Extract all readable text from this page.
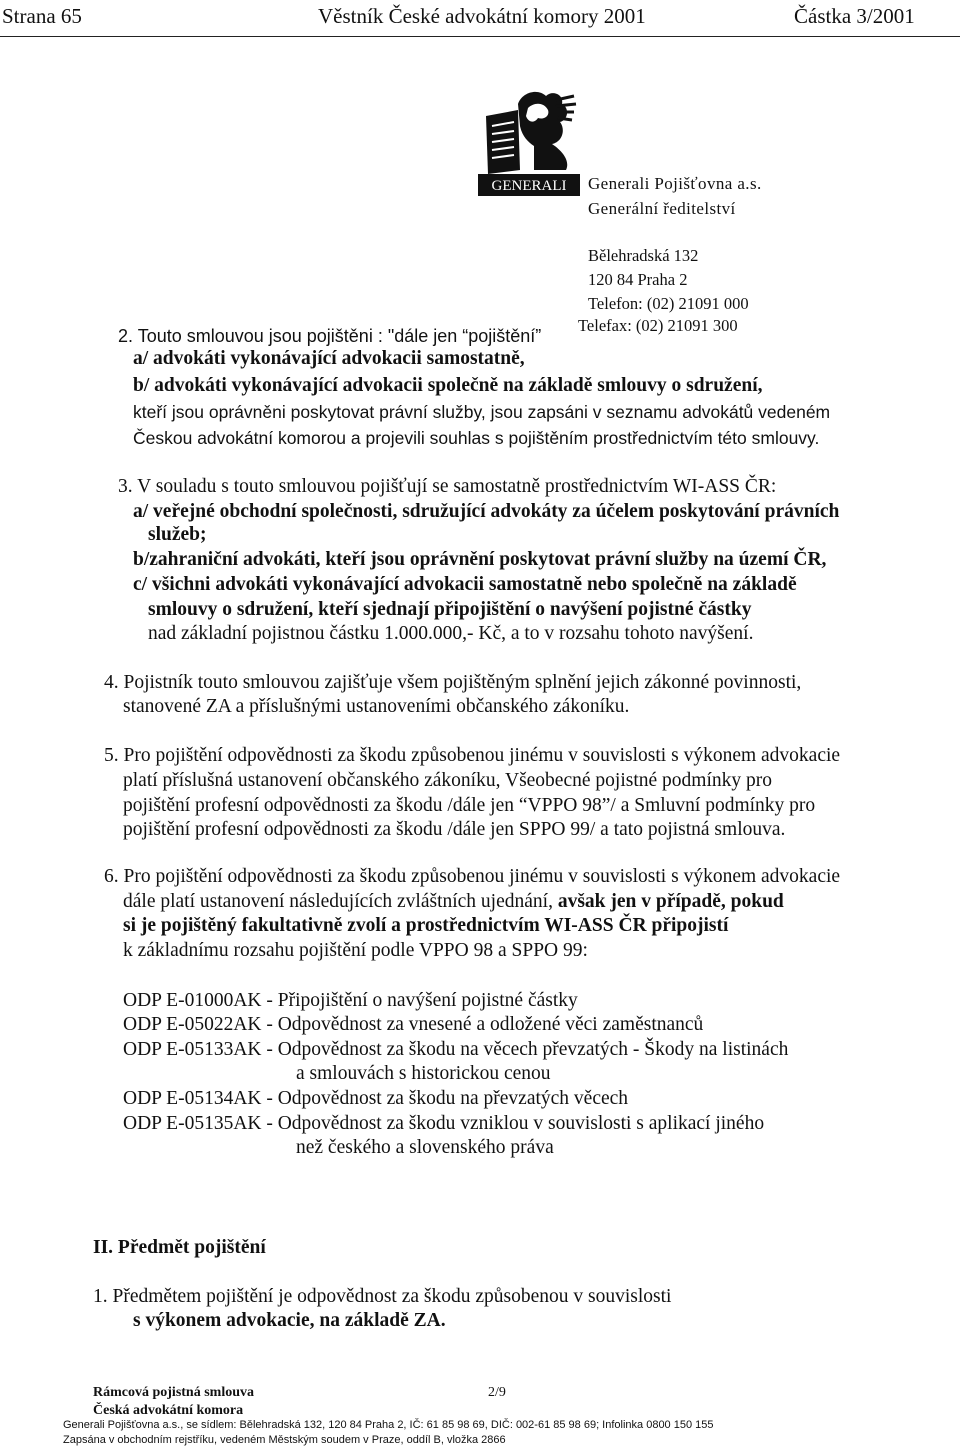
Strana 65	Věstník České advokátní komory 2001	Částka 3/2001
GENERALI Generali Pojišťovna a.s.
Generální ředitelství
Bělehradská 132
120 84 Praha 2
Telefon: (02) 21091 000
Telefax: (02) 21091 300
2. Touto smlouvou jsou pojištěni : "dále jen “pojištění”
a/ advokáti vykonávající advokacii samostatně,
b/ advokáti vykonávající advokacii společně na základě smlouvy o sdružení,
kteří jsou oprávněni poskytovat právní služby, jsou zapsáni v seznamu advokátů vedeném
Českou advokátní komorou a projevili souhlas s pojištěním prostřednictvím této smlouvy.
3. V souladu s touto smlouvou pojišťují se samostatně prostřednictvím WI-ASS ČR:
a/ veřejné obchodní společnosti, sdružující advokáty za účelem poskytování právních
služeb;
b/zahraniční advokáti, kteří jsou oprávnění poskytovat právní služby na území ČR,
c/ všichni advokáti vykonávající advokacii samostatně nebo společně na základě
smlouvy o sdružení, kteří sjednají připojištění o navýšení pojistné částky
nad základní pojistnou částku 1.000.000,- Kč, a to v rozsahu tohoto navýšení.
4. Pojistník touto smlouvou zajišťuje všem pojištěným splnění jejich zákonné povinnosti,
stanovené ZA a příslušnými ustanoveními občanského zákoníku.
5. Pro pojištění odpovědnosti za škodu způsobenou jinému v souvislosti s výkonem advokacie
platí příslušná ustanovení občanského zákoníku, Všeobecné pojistné podmínky pro
pojištění profesní odpovědnosti za škodu /dále jen “VPPO 98”/ a Smluvní podmínky pro
pojištění profesní odpovědnosti za škodu /dále jen SPPO 99/ a tato pojistná smlouva.
6. Pro pojištění odpovědnosti za škodu způsobenou jinému v souvislosti s výkonem advokacie
dále platí ustanovení následujících zvláštních ujednání, avšak jen v případě, pokud
si je pojištěný fakultativně zvolí a prostřednictvím WI-ASS ČR připojistí
k základnímu rozsahu pojištění podle VPPO 98 a SPPO 99:
ODP E-01000AK - Připojištění o navýšení pojistné částky
ODP E-05022AK - Odpovědnost za vnesené a odložené věci zaměstnanců
ODP E-05133AK - Odpovědnost za škodu na věcech převzatých - Škody na listinách
a smlouvách s historickou cenou
ODP E-05134AK - Odpovědnost za škodu na převzatých věcech
ODP E-05135AK - Odpovědnost za škodu vzniklou v souvislosti s aplikací jiného
než českého a slovenského práva
II. Předmět pojištění
1. Předmětem pojištění je odpovědnost za škodu způsobenou v souvislosti
s výkonem advokacie, na základě ZA.
Rámcová pojistná smlouva
Česká advokátní komora
2/9
Generali Pojišťovna a.s., se sídlem: Bělehradská 132, 120 84 Praha 2, IČ: 61 85 98 69, DIČ: 002-61 85 98 69; Infolinka 0800 150 155
Zapsána v obchodním rejstříku, vedeném Městským soudem v Praze, oddíl B, vložka 2866
